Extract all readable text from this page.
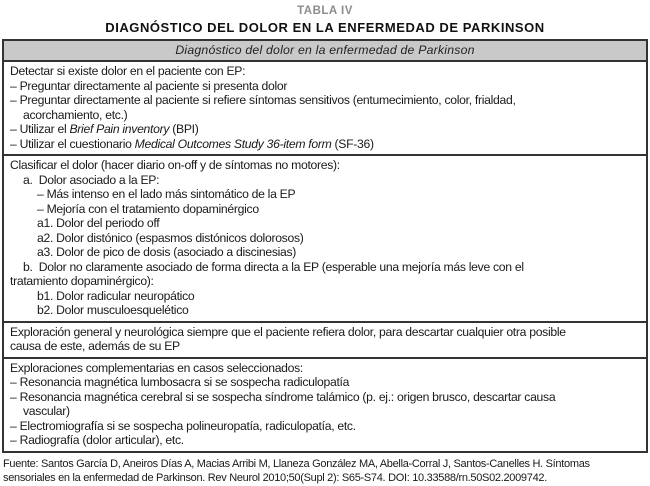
TABLA IV
DIAGNÓSTICO DEL DOLOR EN LA ENFERMEDAD DE PARKINSON
Diagnóstico del dolor en la enfermedad de Parkinson
Detectar si existe dolor en el paciente con EP:
– Preguntar directamente al paciente si presenta dolor
– Preguntar directamente al paciente si refiere síntomas sensitivos (entumecimiento, color, frialdad,
acorchamiento, etc.)
– Utilizar el Brief Pain inventory (BPI)
– Utilizar el cuestionario Medical Outcomes Study 36-item form (SF-36)
Clasificar el dolor (hacer diario on-off y de síntomas no motores):
a.  Dolor asociado a la EP:
– Más intenso en el lado más sintomático de la EP
– Mejoría con el tratamiento dopaminérgico
a1. Dolor del periodo off
a2. Dolor distónico (espasmos distónicos dolorosos)
a3. Dolor de pico de dosis (asociado a discinesias)
b.  Dolor no claramente asociado de forma directa a la EP (esperable una mejoría más leve con el
tratamiento dopaminérgico):
b1. Dolor radicular neuropático
b2. Dolor musculoesquelético
Exploración general y neurológica siempre que el paciente refiera dolor, para descartar cualquier otra posible
causa de este, además de su EP
Exploraciones complementarias en casos seleccionados:
– Resonancia magnética lumbosacra si se sospecha radiculopatía
– Resonancia magnética cerebral si se sospecha síndrome talámico (p. ej.: origen brusco, descartar causa
vascular)
– Electromiografía si se sospecha polineuropatía, radiculopatía, etc.
– Radiografía (dolor articular), etc.
Fuente: Santos García D, Aneiros Días A, Macias Arribi M, Llaneza González MA, Abella-Corral J, Santos-Canelles H. Síntomas
sensoriales en la enfermedad de Parkinson. Rev Neurol 2010;50(Supl 2): S65-S74. DOI: 10.33588/rn.50S02.2009742.
